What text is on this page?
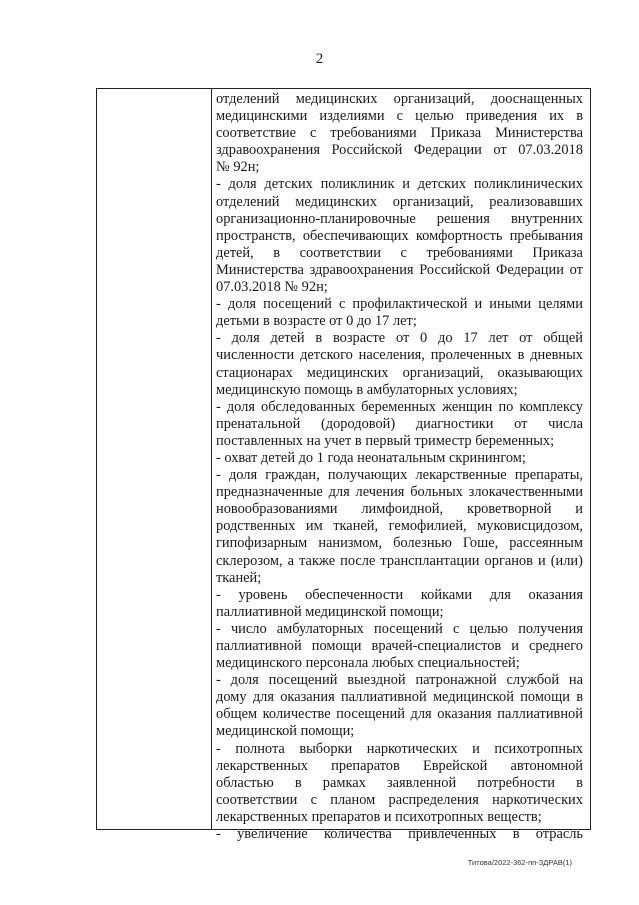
2
отделений медицинских организаций, дооснащенных
медицинскими изделиями с целью приведения их в
соответствие с требованиями Приказа Министерства
здравоохранения Российской Федерации от 07.03.2018
№ 92н;
- доля детских поликлиник и детских поликлинических
отделений медицинских организаций, реализовавших
организационно-планировочные решения внутренних
пространств, обеспечивающих комфортность пребывания
детей, в соответствии с требованиями Приказа
Министерства здравоохранения Российской Федерации от
07.03.2018 № 92н;
- доля посещений с профилактической и иными целями
детьми в возрасте от 0 до 17 лет;
- доля детей в возрасте от 0 до 17 лет от общей
численности детского населения, пролеченных в дневных
стационарах медицинских организаций, оказывающих
медицинскую помощь в амбулаторных условиях;
- доля обследованных беременных женщин по комплексу
пренатальной (дородовой) диагностики от числа
поставленных на учет в первый триместр беременных;
- охват детей до 1 года неонатальным скринингом;
- доля граждан, получающих лекарственные препараты,
предназначенные для лечения больных злокачественными
новообразованиями лимфоидной, кроветворной и
родственных им тканей, гемофилией, муковисцидозом,
гипофизарным нанизмом, болезнью Гоше, рассеянным
склерозом, а также после трансплантации органов и (или)
тканей;
- уровень обеспеченности койками для оказания
паллиативной медицинской помощи;
- число амбулаторных посещений с целью получения
паллиативной помощи врачей-специалистов и среднего
медицинского персонала любых специальностей;
- доля посещений выездной патронажной службой на
дому для оказания паллиативной медицинской помощи в
общем количестве посещений для оказания паллиативной
медицинской помощи;
- полнота выборки наркотических и психотропных
лекарственных препаратов Еврейской автономной
областью в рамках заявленной потребности в
соответствии с планом распределения наркотических
лекарственных препаратов и психотропных веществ;
- увеличение количества привлеченных в отрасль
Титова/2022-362-пп-ЗДРАВ(1)
